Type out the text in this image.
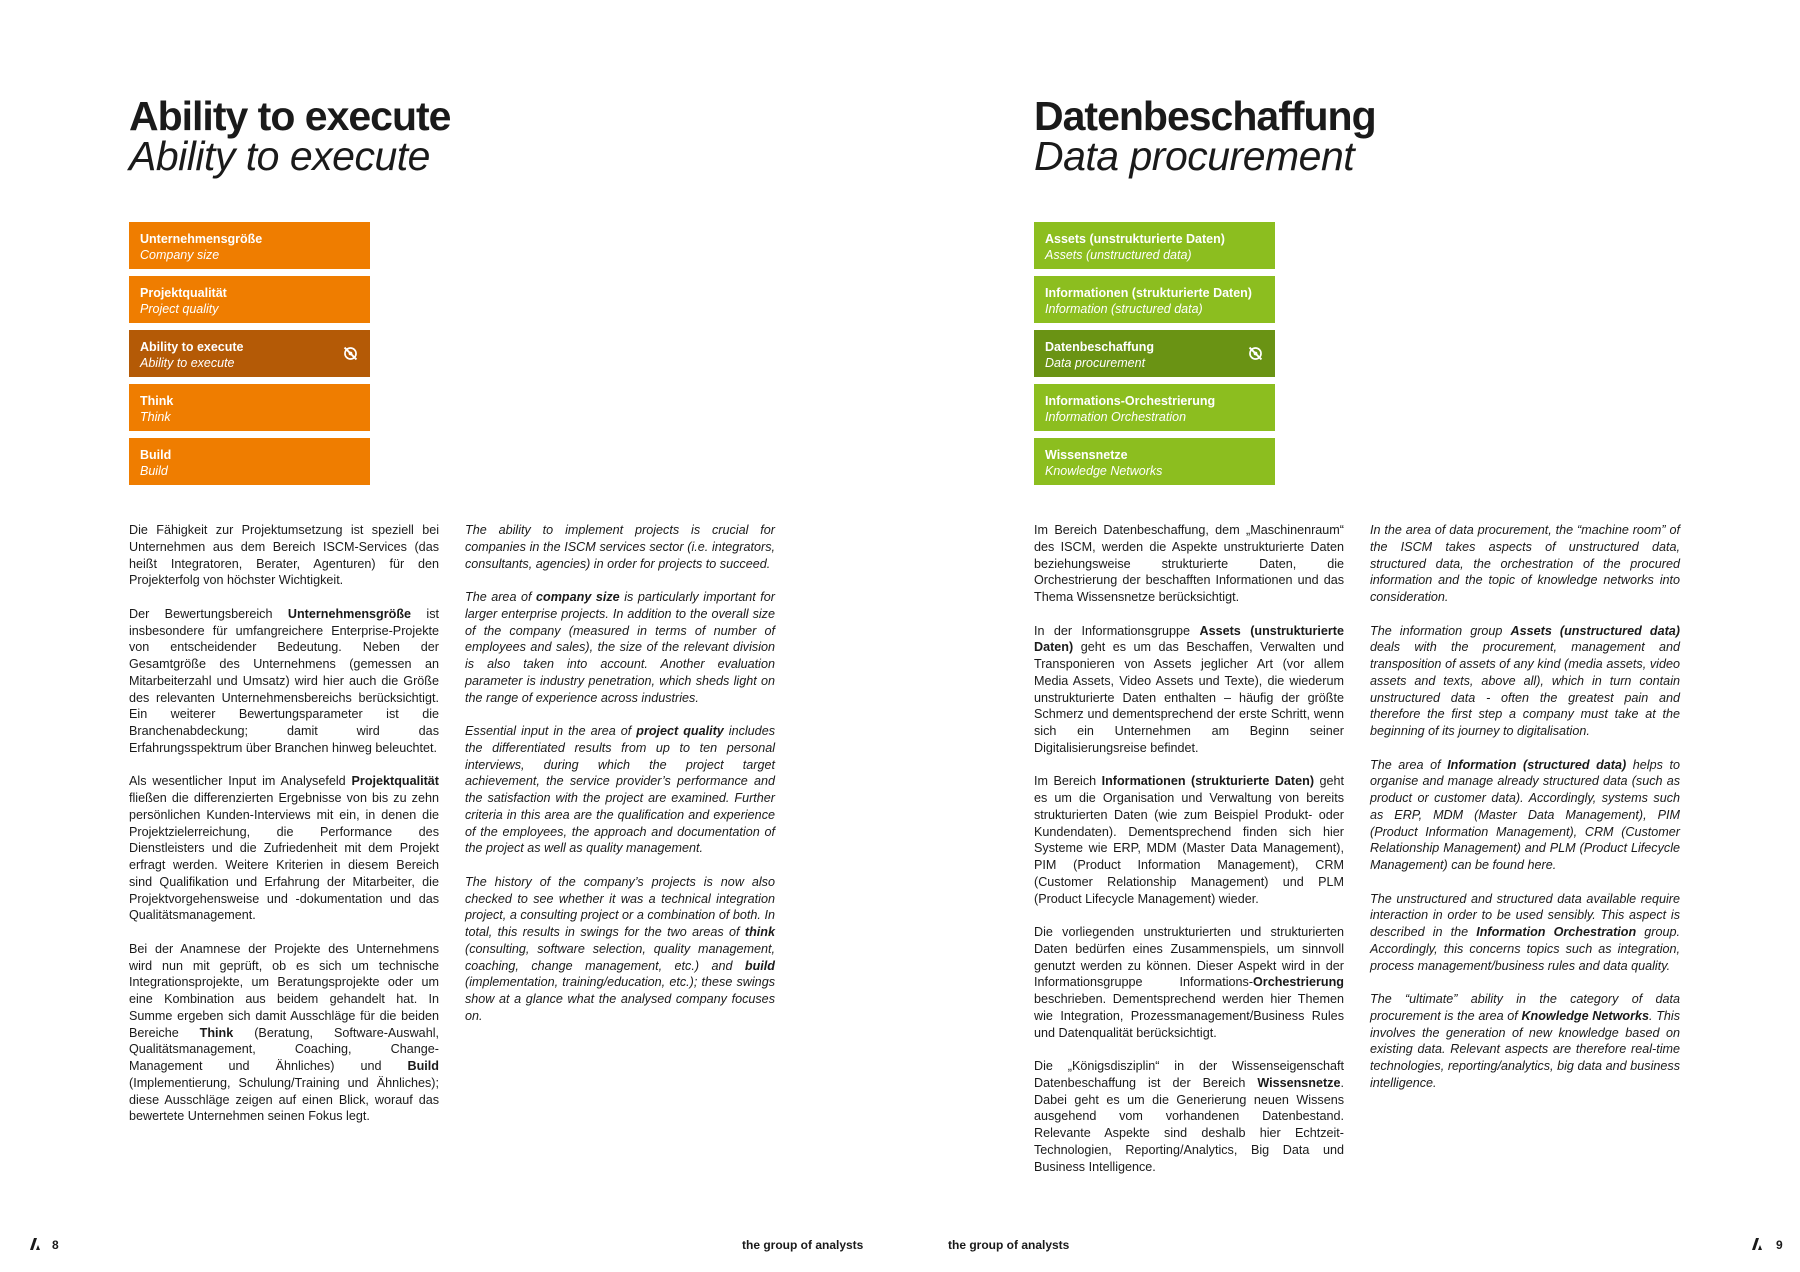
Ability to execute
Ability to execute
Unternehmensgröße
Company size
Projektqualität
Project quality
Ability to execute
Ability to execute
Think
Think
Build
Build

Die Fähigkeit zur Projektumsetzung ist speziell bei Unternehmen aus dem Bereich ISCM-Services (das heißt Integratoren, Berater, Agenturen) für den Projekterfolg von höchster Wichtigkeit.

Der Bewertungsbereich Unternehmensgröße ist insbesondere für umfangreichere Enterprise-Projekte von entscheidender Bedeutung. Neben der Gesamtgröße des Unternehmens (gemessen an Mitarbeiterzahl und Umsatz) wird hier auch die Größe des relevanten Unternehmensbereichs berücksichtigt. Ein weiterer Bewertungsparameter ist die Branchenabdeckung; damit wird das Erfahrungsspektrum über Branchen hinweg beleuchtet.

Als wesentlicher Input im Analysefeld Projektqualität fließen die differenzierten Ergebnisse von bis zu zehn persönlichen Kunden-Interviews mit ein, in denen die Projektzielerreichung, die Performance des Dienstleisters und die Zufriedenheit mit dem Projekt erfragt werden. Weitere Kriterien in diesem Bereich sind Qualifikation und Erfahrung der Mitarbeiter, die Projektvorgehensweise und -dokumentation und das Qualitätsmanagement.

Bei der Anamnese der Projekte des Unternehmens wird nun mit geprüft, ob es sich um technische Integrationsprojekte, um Beratungsprojekte oder um eine Kombination aus beidem gehandelt hat. In Summe ergeben sich damit Ausschläge für die beiden Bereiche Think (Beratung, Software-Auswahl, Qualitätsmanagement, Coaching, Change-Management und Ähnliches) und Build (Implementierung, Schulung/Training und Ähnliches); diese Ausschläge zeigen auf einen Blick, worauf das bewertete Unternehmen seinen Fokus legt.

The ability to implement projects is crucial for companies in the ISCM services sector (i.e. integrators, consultants, agencies) in order for projects to succeed.

The area of company size is particularly important for larger enterprise projects. In addition to the overall size of the company (measured in terms of number of employees and sales), the size of the relevant division is also taken into account. Another evaluation parameter is industry penetration, which sheds light on the range of experience across industries.

Essential input in the area of project quality includes the differentiated results from up to ten personal interviews, during which the project target achievement, the service provider’s performance and the satisfaction with the project are examined. Further criteria in this area are the qualification and experience of the employees, the approach and documentation of the project as well as quality management.

The history of the company’s projects is now also checked to see whether it was a technical integration project, a consulting project or a combination of both. In total, this results in swings for the two areas of think (consulting, software selection, quality management, coaching, change management, etc.) and build (implementation, training/education, etc.); these swings show at a glance what the analysed company focuses on.

8	the group of analysts
Datenbeschaffung
Data procurement
Assets (unstrukturierte Daten)
Assets (unstructured data)
Informationen (strukturierte Daten)
Information (structured data)
Datenbeschaffung
Data procurement
Informations-Orchestrierung
Information Orchestration
Wissensnetze
Knowledge Networks

Im Bereich Datenbeschaffung, dem „Maschinenraum“ des ISCM, werden die Aspekte unstrukturierte Daten beziehungsweise strukturierte Daten, die Orchestrierung der beschafften Informationen und das Thema Wissensnetze berücksichtigt.

In der Informationsgruppe Assets (unstrukturierte Daten) geht es um das Beschaffen, Verwalten und Transponieren von Assets jeglicher Art (vor allem Media Assets, Video Assets und Texte), die wiederum unstrukturierte Daten enthalten – häufig der größte Schmerz und dementsprechend der erste Schritt, wenn sich ein Unternehmen am Beginn seiner Digitalisierungsreise befindet.

Im Bereich Informationen (strukturierte Daten) geht es um die Organisation und Verwaltung von bereits strukturierten Daten (wie zum Beispiel Produkt- oder Kundendaten). Dementsprechend finden sich hier Systeme wie ERP, MDM (Master Data Management), PIM (Product Information Management), CRM (Customer Relationship Management) und PLM (Product Lifecycle Management) wieder.

Die vorliegenden unstrukturierten und strukturierten Daten bedürfen eines Zusammenspiels, um sinnvoll genutzt werden zu können. Dieser Aspekt wird in der Informationsgruppe Informations-Orchestrierung beschrieben. Dementsprechend werden hier Themen wie Integration, Prozessmanagement/Business Rules und Datenqualität berücksichtigt.

Die „Königsdisziplin“ in der Wissenseigenschaft Datenbeschaffung ist der Bereich Wissensnetze. Dabei geht es um die Generierung neuen Wissens ausgehend vom vorhandenen Datenbestand. Relevante Aspekte sind deshalb hier Echtzeit-Technologien, Reporting/Analytics, Big Data und Business Intelligence.

In the area of data procurement, the “machine room” of the ISCM takes aspects of unstructured data, structured data, the orchestration of the procured information and the topic of knowledge networks into consideration.

The information group Assets (unstructured data) deals with the procurement, management and transposition of assets of any kind (media assets, video assets and texts, above all), which in turn contain unstructured data - often the greatest pain and therefore the first step a company must take at the beginning of its journey to digitalisation.

The area of Information (structured data) helps to organise and manage already structured data (such as product or customer data). Accordingly, systems such as ERP, MDM (Master Data Management), PIM (Product Information Management), CRM (Customer Relationship Management) and PLM (Product Lifecycle Management) can be found here.

The unstructured and structured data available require interaction in order to be used sensibly. This aspect is described in the Information Orchestration group. Accordingly, this concerns topics such as integration, process management/business rules and data quality.

The “ultimate” ability in the category of data procurement is the area of Knowledge Networks. This involves the generation of new knowledge based on existing data. Relevant aspects are therefore real-time technologies, reporting/analytics, big data and business intelligence.

the group of analysts	9
